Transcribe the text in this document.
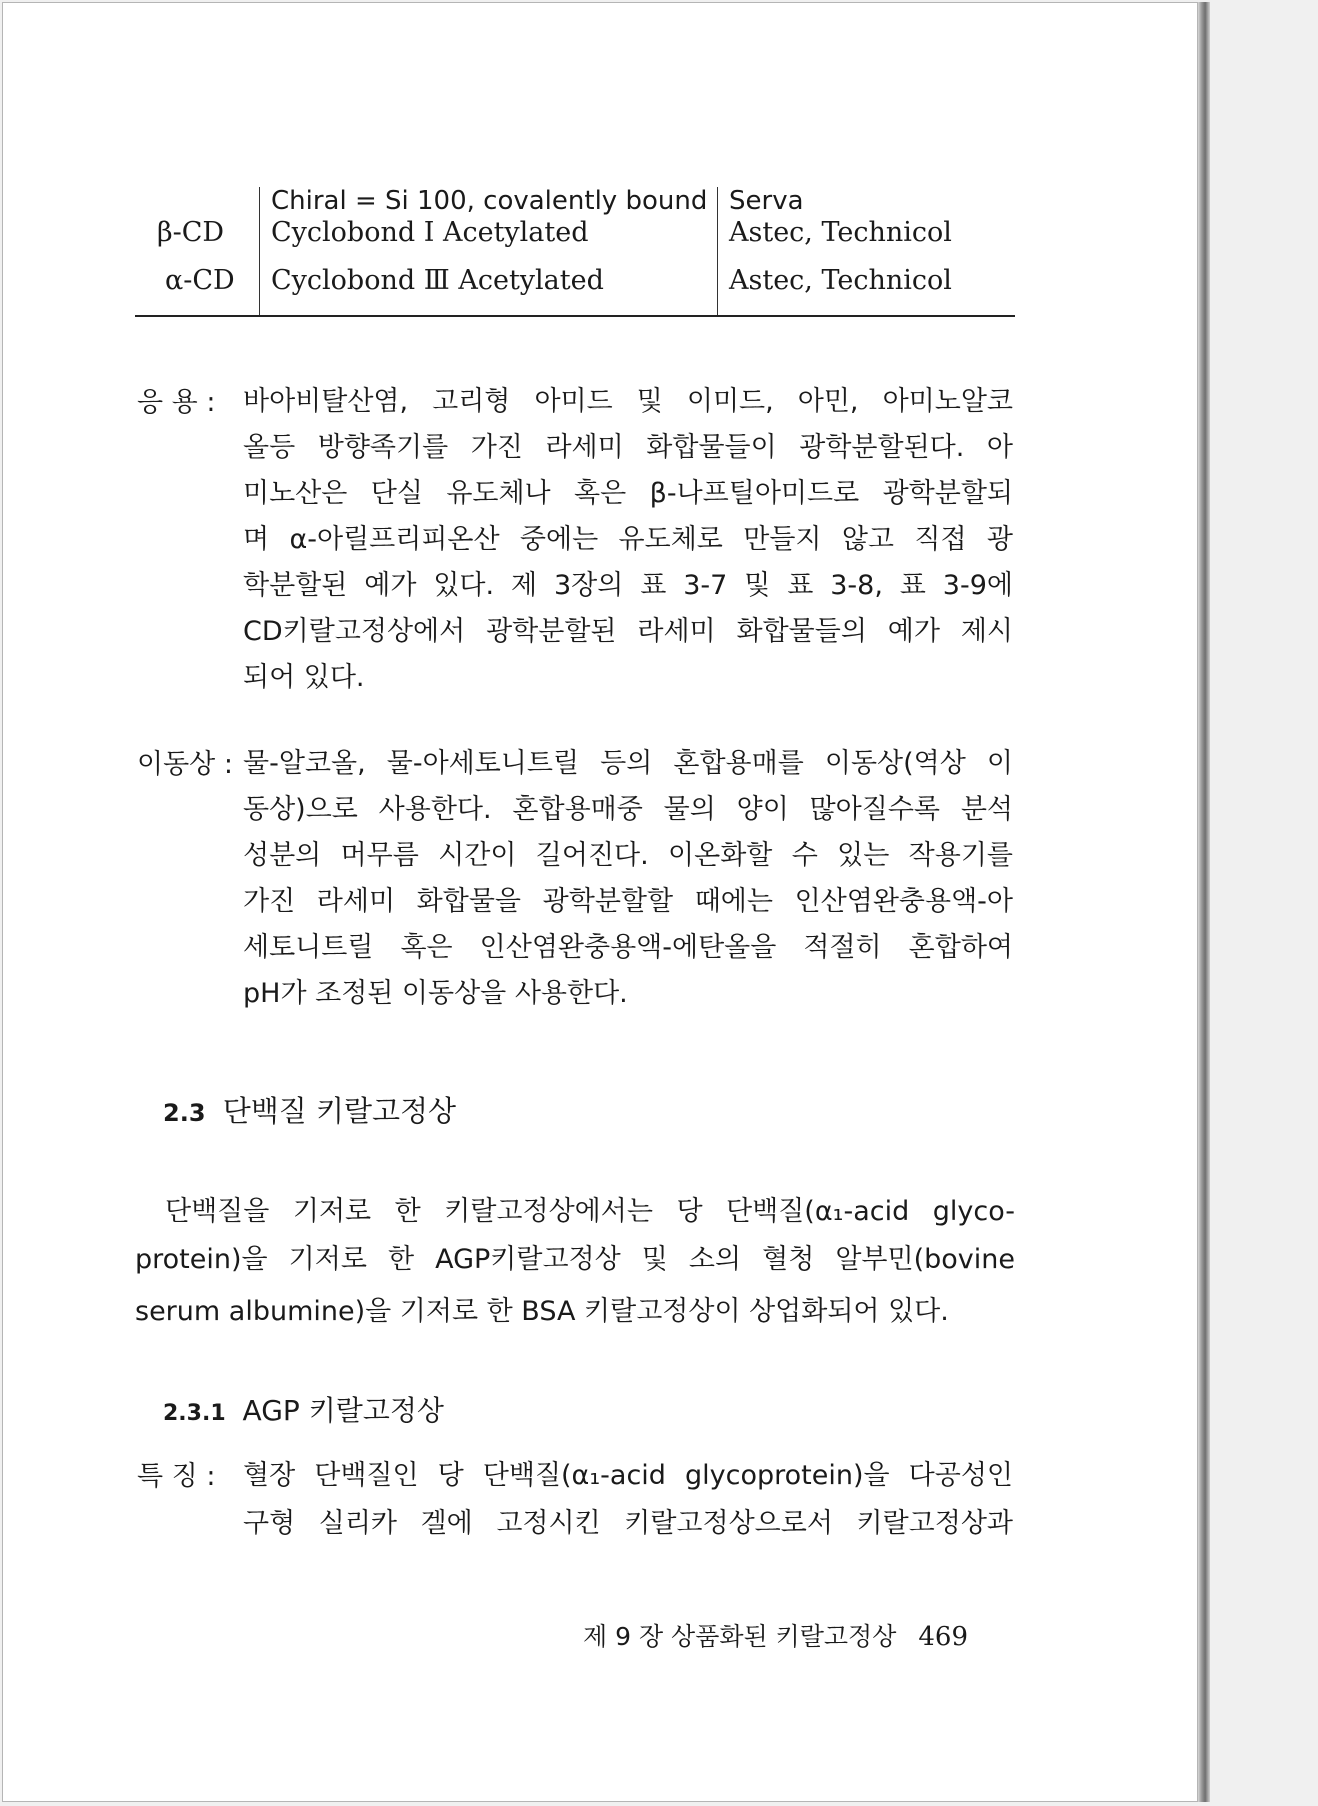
Chiral = Si 100, covalently bound Serva
β-CD Cyclobond Ⅰ Acetylated	Astec, Technicol
α-CD Cyclobond Ⅲ Acetylated	Astec, Technicol
응 용 : 바아비탈산염, 고리형 아미드 및 이미드, 아민, 아미노알코
올등 방향족기를 가진 라세미 화합물들이 광학분할된다. 아
미노산은 단실 유도체나 혹은 β-나프틸아미드로 광학분할되
며 α-아릴프리피온산 중에는 유도체로 만들지 않고 직접 광
학분할된 예가 있다. 제 3장의 표 3-7 및 표 3-8, 표 3-9에
CD키랄고정상에서 광학분할된 라세미 화합물들의 예가 제시
되어 있다.
이동상 : 물-알코올, 물-아세토니트릴 등의 혼합용매를 이동상(역상 이
동상)으로 사용한다. 혼합용매중 물의 양이 많아질수록 분석
성분의 머무름 시간이 길어진다. 이온화할 수 있는 작용기를
가진 라세미 화합물을 광학분할할 때에는 인산염완충용액-아
세토니트릴 혹은 인산염완충용액-에탄올을 적절히 혼합하여
pH가 조정된 이동상을 사용한다.
2.3 단백질 키랄고정상
단백질을 기저로 한 키랄고정상에서는 당 단백질(α₁-acid glyco-
protein)을 기저로 한 AGP키랄고정상 및 소의 혈청 알부민(bovine
serum albumine)을 기저로 한 BSA 키랄고정상이 상업화되어 있다.
2.3.1 AGP 키랄고정상
특 징 : 혈장 단백질인 당 단백질(α₁-acid glycoprotein)을 다공성인
구형 실리카 겔에 고정시킨 키랄고정상으로서 키랄고정상과
제 9 장 상품화된 키랄고정상 469
